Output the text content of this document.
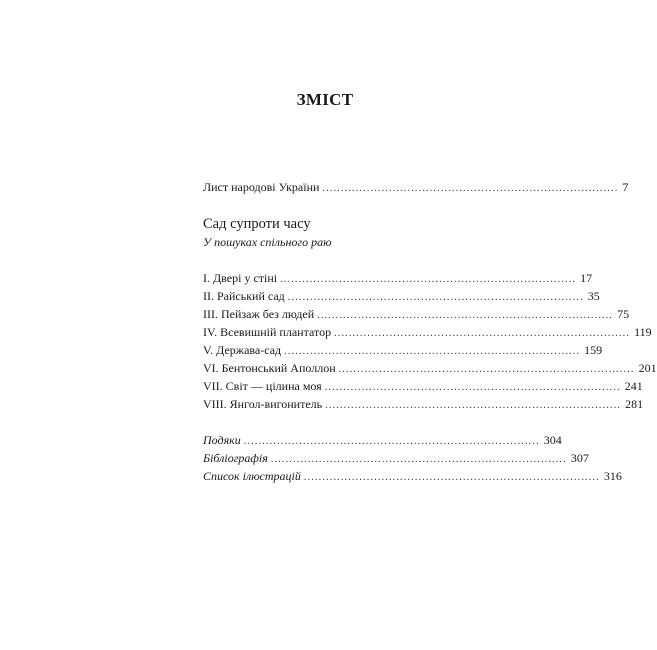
ЗМІСТ
Лист народові України ................................................................................ 7
Сад супроти часу
У пошуках спільного раю
I. Двері у стіні ................................................................................ 17
II. Райський сад ................................................................................ 35
III. Пейзаж без людей ................................................................................ 75
IV. Всевишній плантатор ................................................................................ 119
V. Держава-сад ................................................................................ 159
VI. Бентонський Аполлон ................................................................................ 201
VII. Світ — цілина моя ................................................................................ 241
VIII. Янгол-вигонитель ................................................................................ 281
Подяки ................................................................................ 304
Бібліографія ................................................................................ 307
Список ілюстрацій ................................................................................ 316
